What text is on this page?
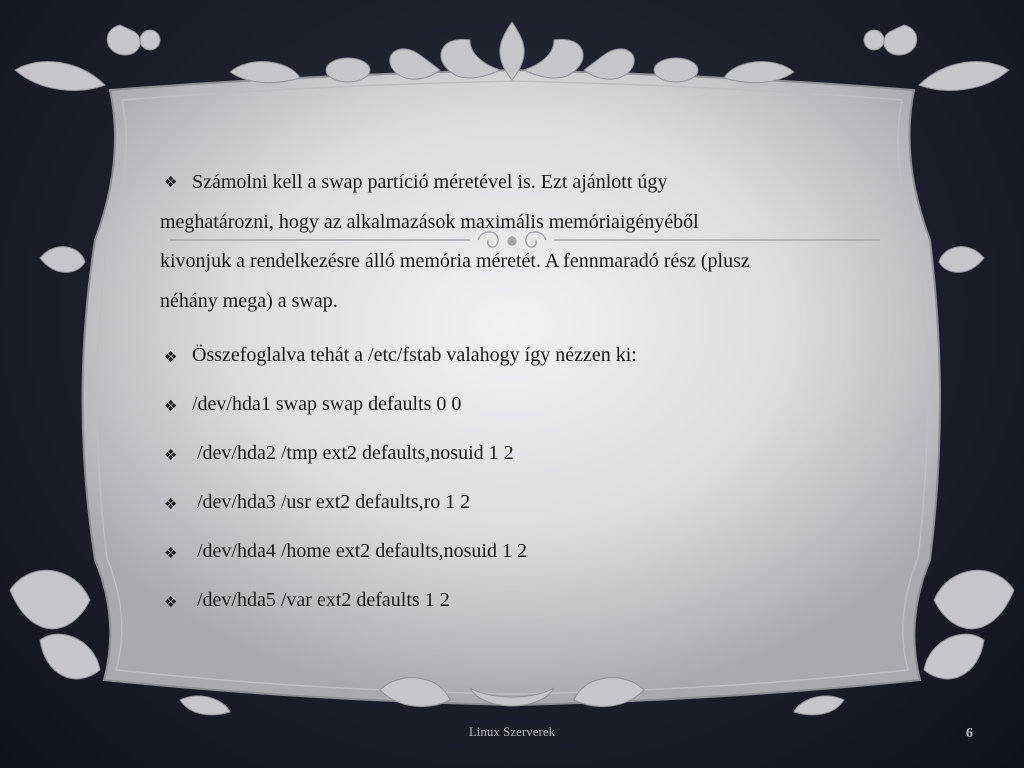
❖ Számolni kell a swap partíció méretével is. Ezt ajánlott úgy
meghatározni, hogy az alkalmazások maximális memóriaigényéből
kivonjuk a rendelkezésre álló memória méretét. A fennmaradó rész (plusz
néhány mega) a swap.
❖ Összefoglalva tehát a /etc/fstab valahogy így nézzen ki:
❖ /dev/hda1 swap swap defaults 0 0
❖ /dev/hda2 /tmp ext2 defaults,nosuid 1 2
❖ /dev/hda3 /usr ext2 defaults,ro 1 2
❖ /dev/hda4 /home ext2 defaults,nosuid 1 2
❖ /dev/hda5 /var ext2 defaults 1 2
Linux Szerverek	6
